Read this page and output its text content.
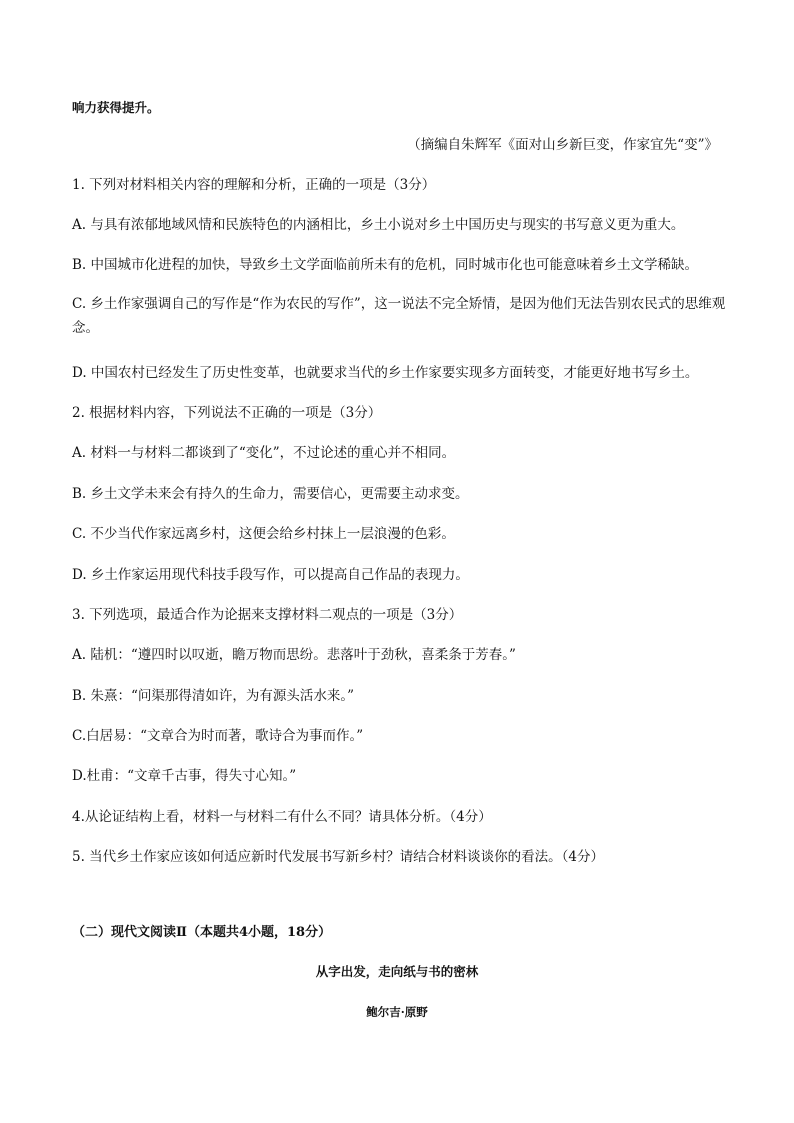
响力获得提升。
（摘编自朱辉军《面对山乡新巨变，作家宜先“变”》
1. 下列对材料相关内容的理解和分析，正确的一项是（3分）
A. 与具有浓郁地域风情和民族特色的内涵相比，乡土小说对乡土中国历史与现实的书写意义更为重大。
B. 中国城市化进程的加快，导致乡土文学面临前所未有的危机，同时城市化也可能意味着乡土文学稀缺。
C. 乡土作家强调自己的写作是“作为农民的写作”，这一说法不完全矫情，是因为他们无法告别农民式的思维观念。
D. 中国农村已经发生了历史性变革，也就要求当代的乡土作家要实现多方面转变，才能更好地书写乡土。
2. 根据材料内容，下列说法不正确的一项是（3分）
A. 材料一与材料二都谈到了“变化”，不过论述的重心并不相同。
B. 乡土文学未来会有持久的生命力，需要信心，更需要主动求变。
C. 不少当代作家远离乡村，这便会给乡村抹上一层浪漫的色彩。
D. 乡土作家运用现代科技手段写作，可以提高自己作品的表现力。
3. 下列选项，最适合作为论据来支撑材料二观点的一项是（3分）
A. 陆机：“遵四时以叹逝，瞻万物而思纷。悲落叶于劲秋，喜柔条于芳春。”
B. 朱熹：“问渠那得清如许，为有源头活水来。”
C.白居易：“文章合为时而著，歌诗合为事而作。”
D.杜甫：“文章千古事，得失寸心知。”
4.从论证结构上看，材料一与材料二有什么不同？请具体分析。（4分）
5. 当代乡土作家应该如何适应新时代发展书写新乡村？请结合材料谈谈你的看法。（4分）
（二）现代文阅读Ⅱ（本题共4小题，18分）
从字出发，走向纸与书的密林
鲍尔吉·原野
